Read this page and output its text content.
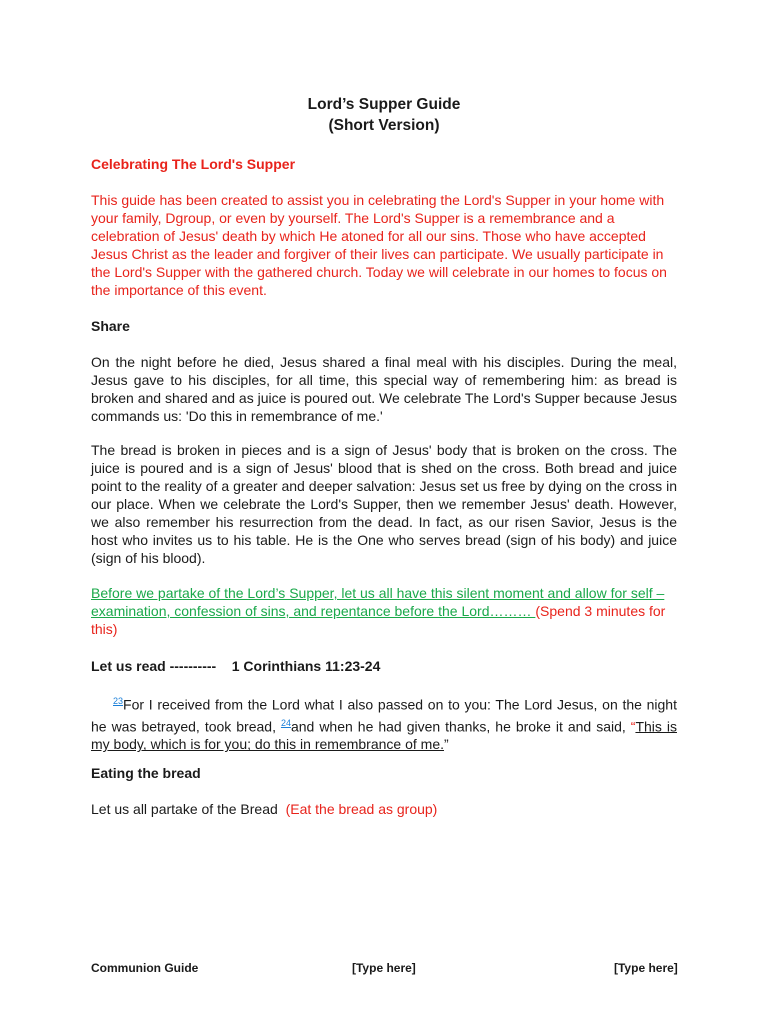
Lord’s Supper Guide
(Short Version)
Celebrating The Lord's Supper
This guide has been created to assist you in celebrating the Lord's Supper in your home with your family, Dgroup, or even by yourself. The Lord's Supper is a remembrance and a celebration of Jesus' death by which He atoned for all our sins. Those who have accepted Jesus Christ as the leader and forgiver of their lives can participate. We usually participate in the Lord's Supper with the gathered church. Today we will celebrate in our homes to focus on the importance of this event.
Share
On the night before he died, Jesus shared a final meal with his disciples. During the meal, Jesus gave to his disciples, for all time, this special way of remembering him: as bread is broken and shared and as juice is poured out. We celebrate The Lord's Supper because Jesus commands us: 'Do this in remembrance of me.'
The bread is broken in pieces and is a sign of Jesus' body that is broken on the cross. The juice is poured and is a sign of Jesus' blood that is shed on the cross. Both bread and juice point to the reality of a greater and deeper salvation: Jesus set us free by dying on the cross in our place. When we celebrate the Lord's Supper, then we remember Jesus' death. However, we also remember his resurrection from the dead. In fact, as our risen Savior, Jesus is the host who invites us to his table. He is the One who serves bread (sign of his body) and juice (sign of his blood).
Before we partake of the Lord’s Supper, let us all have this silent moment and allow for self – examination, confession of sins, and repentance before the Lord……… (Spend 3 minutes for this)
Let us read ----------    1 Corinthians 11:23-24
$^{23}$For I received from the Lord what I also passed on to you: The Lord Jesus, on the night he was betrayed, took bread, $^{24}$and when he had given thanks, he broke it and said, “This is my body, which is for you; do this in remembrance of me.”
Eating the bread
Let us all partake of the Bread  (Eat the bread as group)
Communion Guide	[Type here]	[Type here]
